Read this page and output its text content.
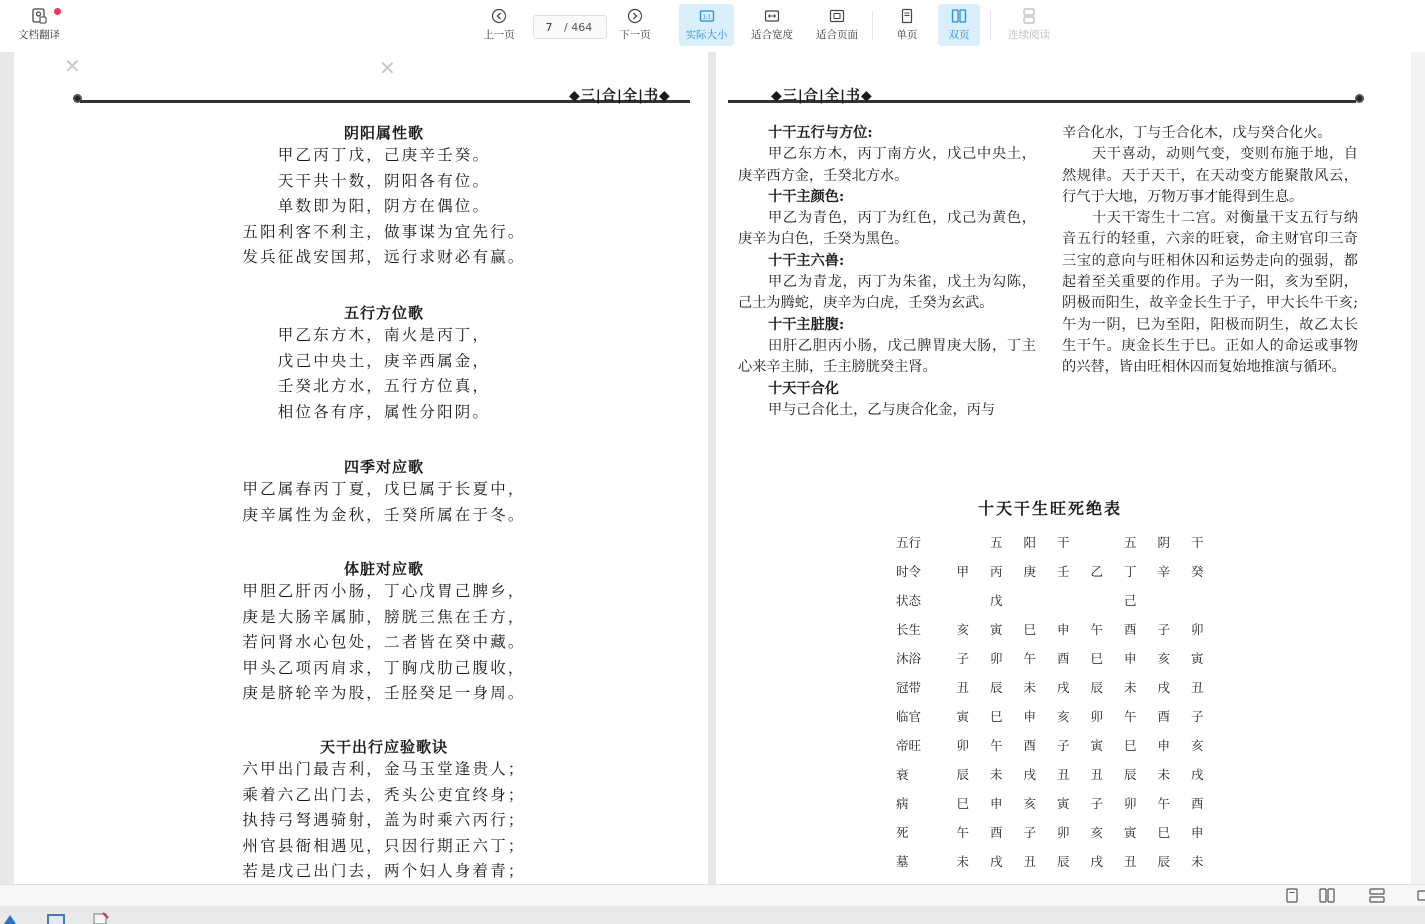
文档翻译	上一页
7	/ 464
下一页
1:1
实际大小 适合宽度 适合页面	单页	双页	连续阅读
✕	✕
◆三|合|全|书◆
阴阳属性歌
甲乙丙丁戊，己庚辛壬癸。
天干共十数，阴阳各有位。
单数即为阳，阴方在偶位。
五阳利客不利主，做事谋为宜先行。
发兵征战安国邦，远行求财必有赢。
五行方位歌
甲乙东方木，南火是丙丁，
戊己中央土，庚辛西属金，
壬癸北方水，五行方位真，
相位各有序，属性分阳阴。
四季对应歌
甲乙属春丙丁夏，戊巳属于长夏中，
庚辛属性为金秋，壬癸所属在于冬。
体脏对应歌
甲胆乙肝丙小肠，丁心戊胃己脾乡，
庚是大肠辛属肺，膀胱三焦在壬方，
若问肾水心包处，二者皆在癸中藏。
甲头乙项丙肩求，丁胸戊肋己腹收，
庚是脐轮辛为股，壬胫癸足一身周。
天干出行应验歌诀
六甲出门最吉利，金马玉堂逢贵人；
乘着六乙出门去，秃头公吏宜终身；
执持弓弩遇骑射，盖为时乘六丙行；
州官县衙相遇见，只因行期正六丁；
若是戊己出门去，两个妇人身着青；
◆三|合|全|书◆
十干五行与方位:
甲乙东方木，丙丁南方火，戊己中央土，庚辛西方金，壬癸北方水。
十干主颜色:
甲乙为青色，丙丁为红色，戊己为黄色，庚辛为白色，壬癸为黑色。
十干主六兽:
甲乙为青龙，丙丁为朱雀，戊土为勾陈，己土为腾蛇，庚辛为白虎，壬癸为玄武。
十干主脏腹:
田肝乙胆丙小肠，戊己脾胃庚大肠，丁主心来辛主肺，壬主膀胱癸主肾。
十天干合化
甲与己合化土，乙与庚合化金，丙与
辛合化水，丁与壬合化木，戊与癸合化火。
天干喜动，动则气变，变则布施于地，自然规律。天于天干，在天动变方能聚散风云，行气于大地，万物万事才能得到生息。
十天干寄生十二宫。对衡量干支五行与纳音五行的轻重，六亲的旺衰，命主财官印三奇三宝的意向与旺相休囚和运势走向的强弱，都起着至关重要的作用。子为一阳，亥为至阴，阴极而阳生，故辛金长生于子，甲大长牛干亥;午为一阴，巳为至阳，阳极而阴生，故乙太长生干午。庚金长生于巳。正如人的命运或事物的兴替，皆由旺相休囚而复始地推演与循环。
十天干生旺死绝表
五行		五	阳	干		五	阴	干
时令	甲	丙	庚	壬	乙	丁	辛	癸
状态		戊				己		
长生	亥	寅	巳	申	午	酉	子	卯
沐浴	子	卯	午	酉	巳	申	亥	寅
冠带	丑	辰	未	戌	辰	未	戌	丑
临官	寅	巳	申	亥	卯	午	酉	子
帝旺	卯	午	酉	子	寅	巳	申	亥
衰	辰	未	戌	丑	丑	辰	未	戌
病	巳	申	亥	寅	子	卯	午	酉
死	午	酉	子	卯	亥	寅	巳	申
墓	未	戌	丑	辰	戌	丑	辰	未
